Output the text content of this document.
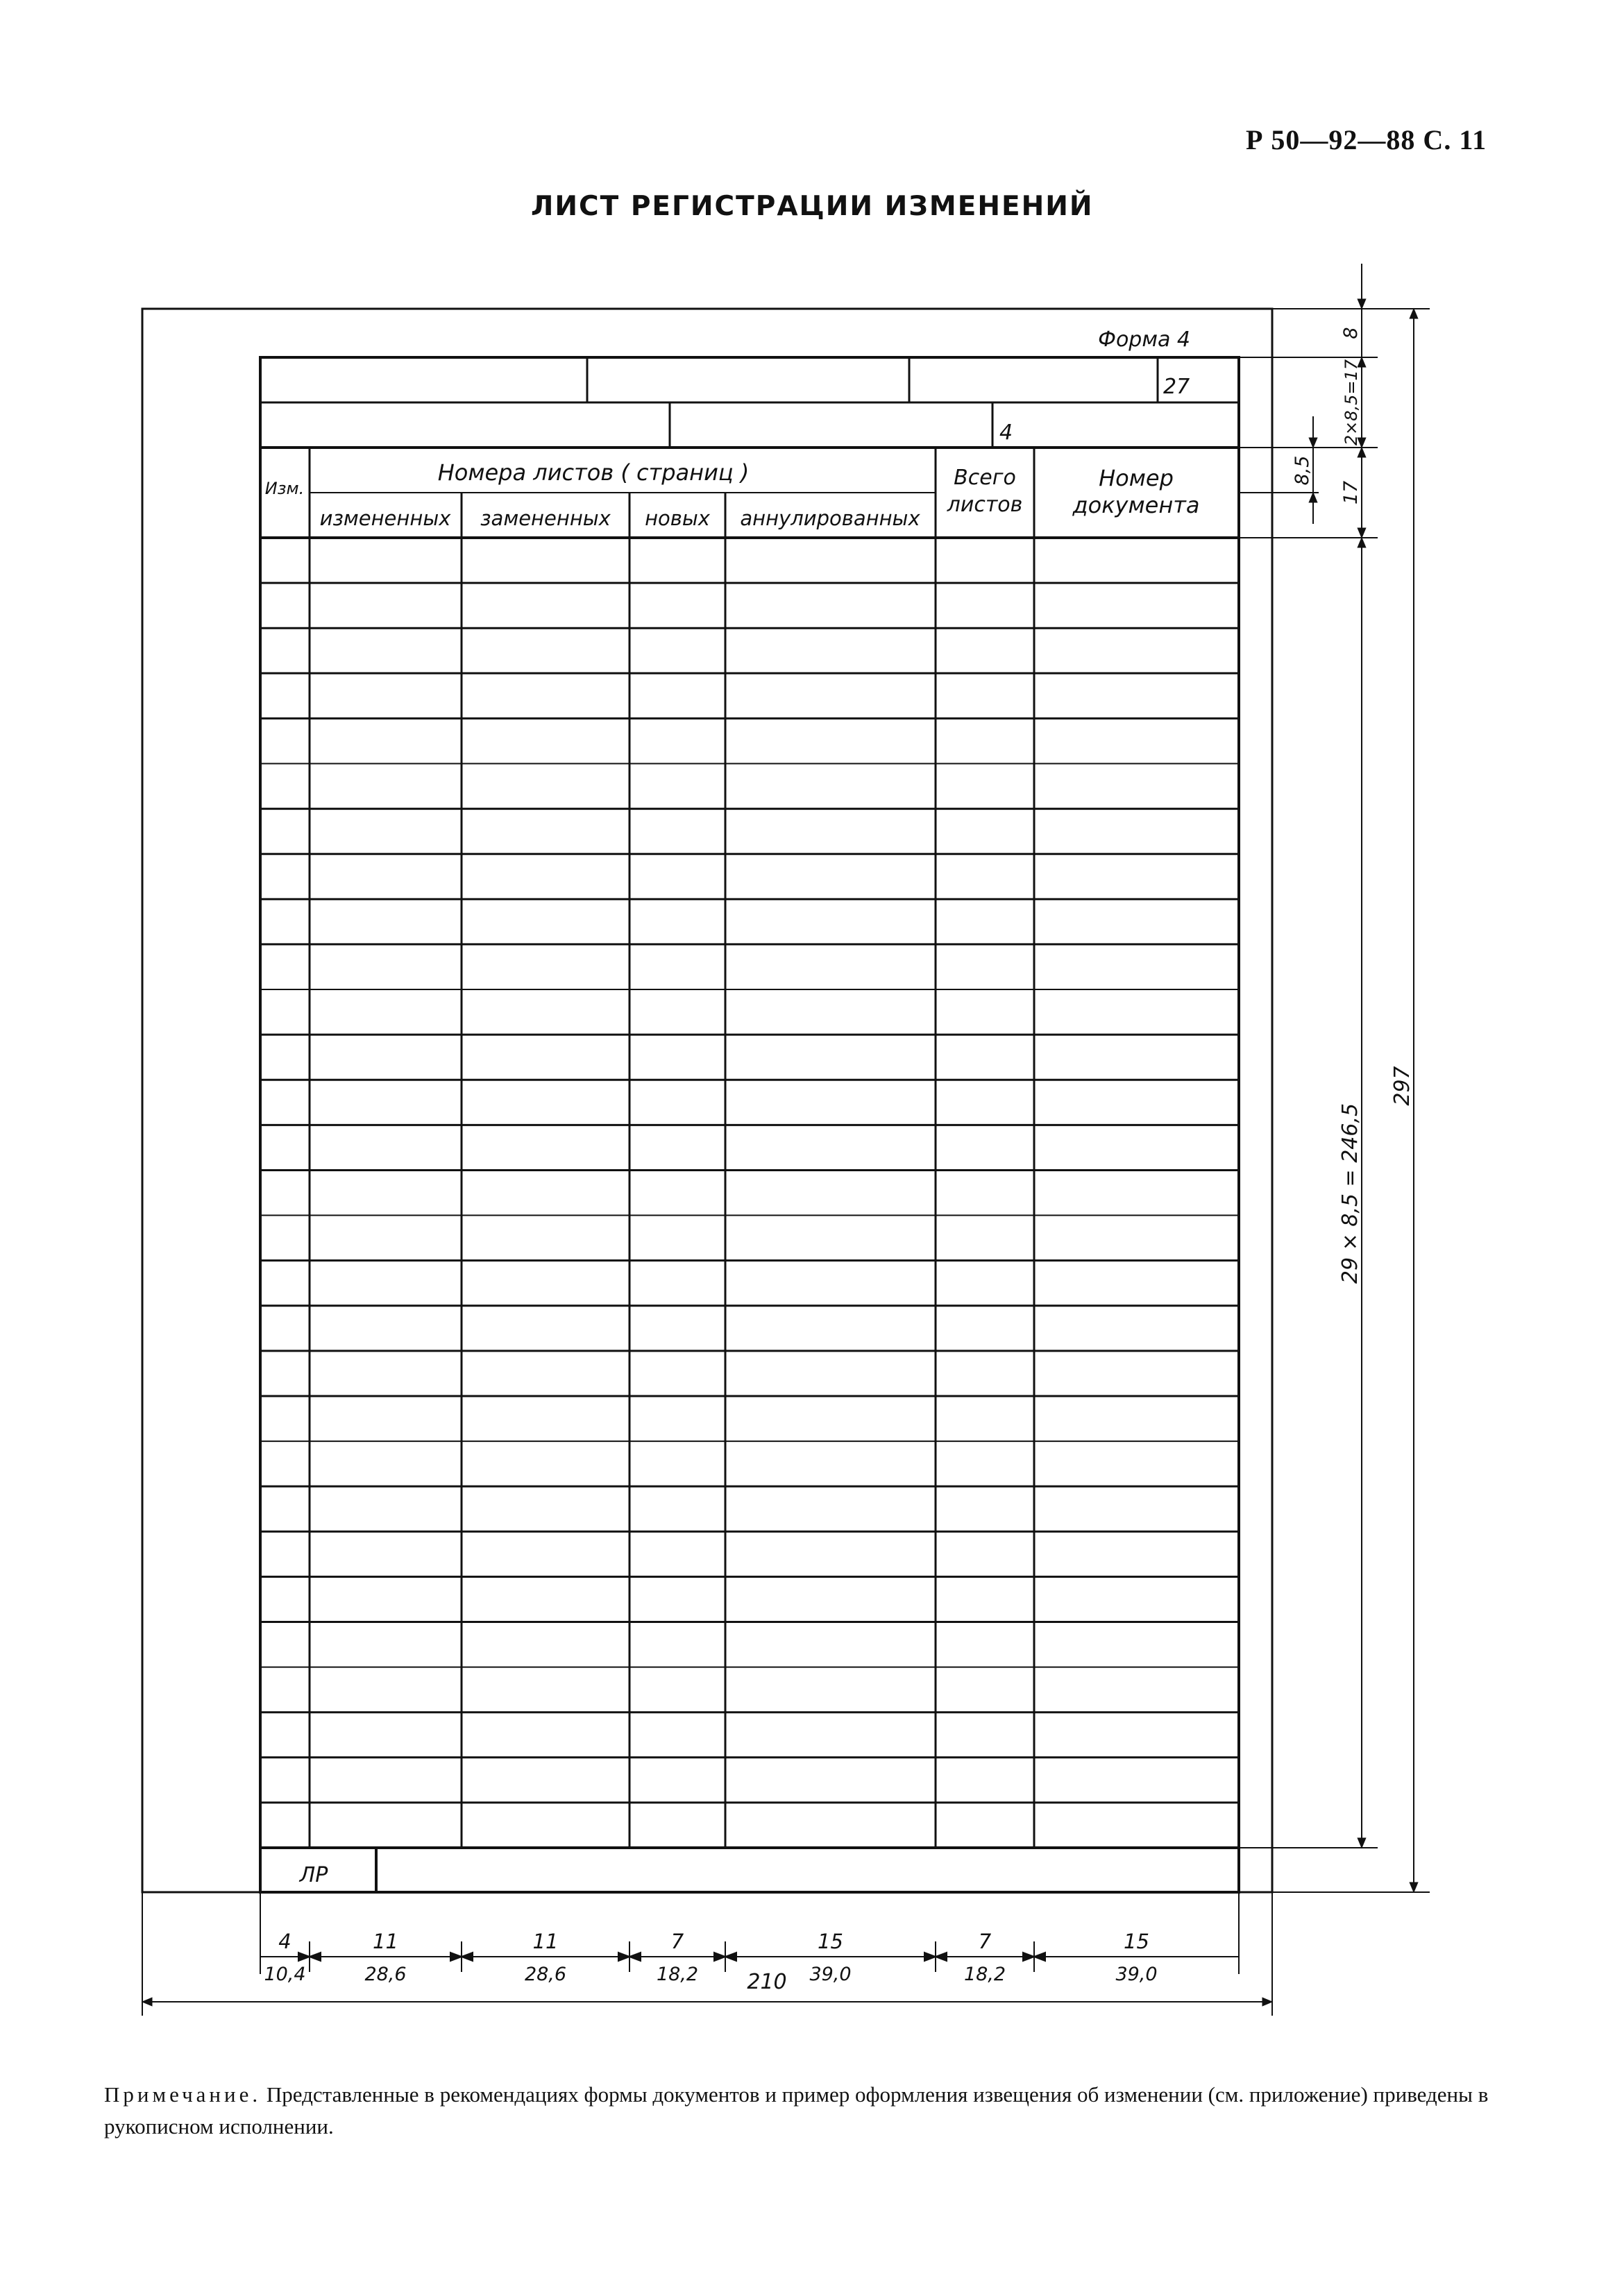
Р 50—92—88 С. 11
ЛИСТ РЕГИСТРАЦИИ ИЗМЕНЕНИЙ
Форма 4
27
4
Изм.
Номера листов ( страниц )
измененных замененных новых аннулированных
Всего
листов
Номер
документа
ЛР
8
2×8,5=17
8,5
17
29 × 8,5 = 246,5
297
210
4
10,4
11
28,6
11
28,6
7
18,2
15
39,0
7
18,2
15
39,0
Примечание. Представленные в рекомендациях формы документов и пример оформления извещения об изменении (см. приложение) приведены в рукописном исполнении.
